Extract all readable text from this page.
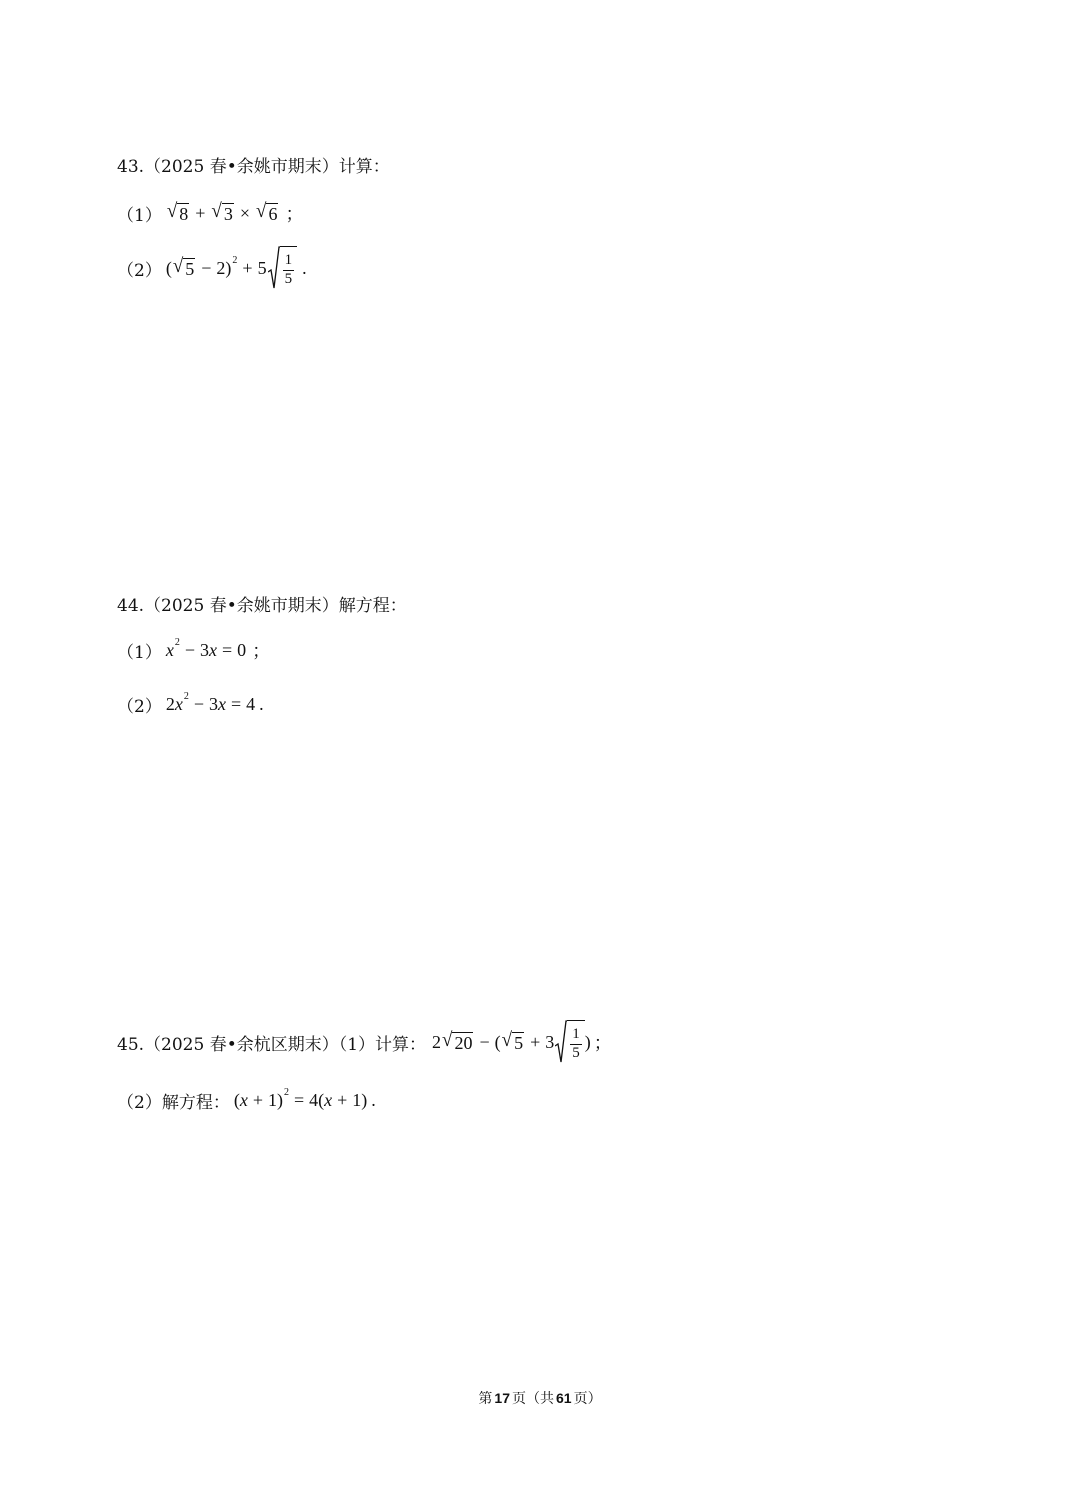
43.（2025 春•余姚市期末）计算：
（1） √ 8 + √ 3 × √ 6 ；
（2） ( √ 5 − 2 ) $2 + 5 \frac{1}{5}$ .
44.（2025 春•余姚市期末）解方程：
（1） x 2 − 3 x = 0 ；
（2） 2 x 2 − 3 x = 4 .
45.（2025 春•余杭区期末）（1）计算： 2 √ 20 − ( √ $5 + 3 \frac{1}{5}$ ) ；
（2）解方程： ( x + 1 ) 2 = 4 ( x + 1 ) .
第 17 页（共 61 页）
